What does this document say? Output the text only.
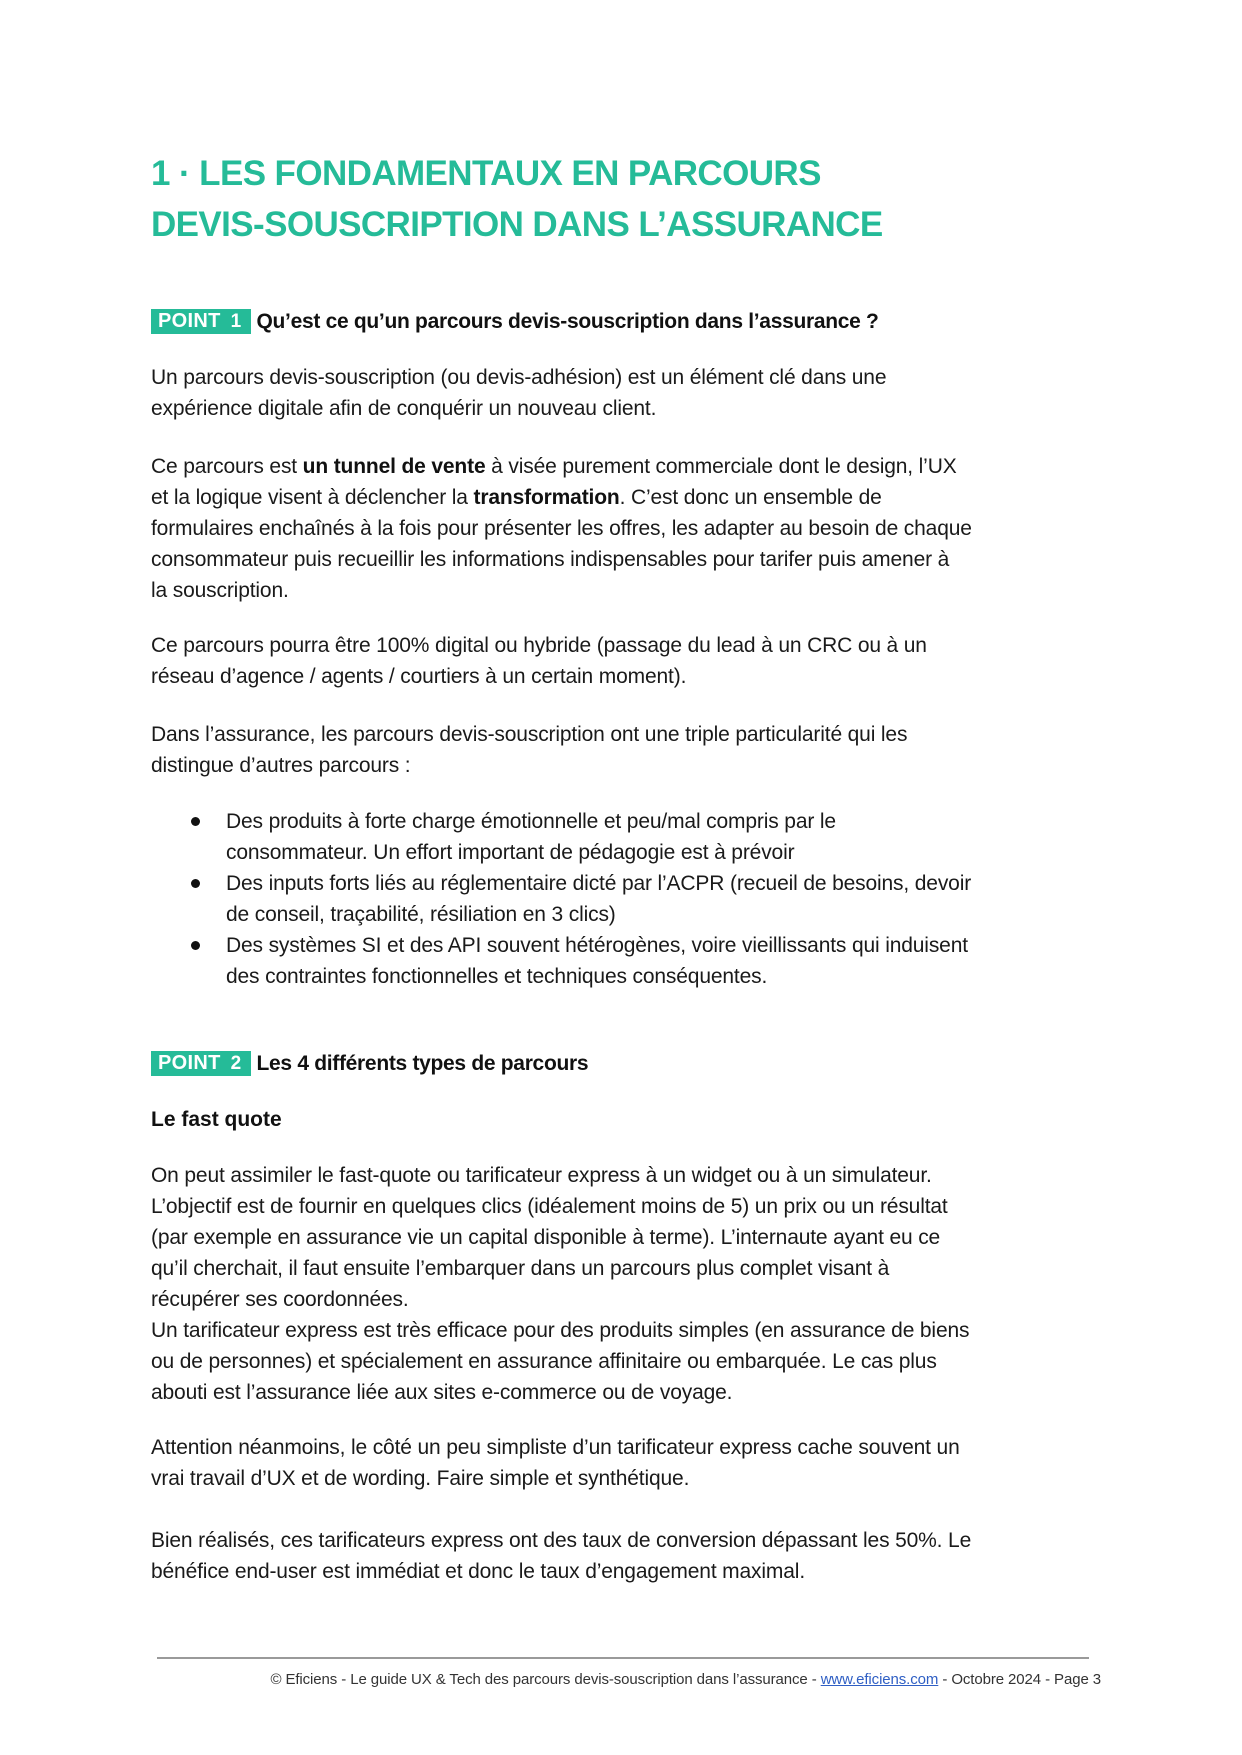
1 · LES FONDAMENTAUX EN PARCOURS
DEVIS-SOUSCRIPTION DANS L’ASSURANCE
POINT 1 Qu’est ce qu’un parcours devis-souscription dans l’assurance ?

Un parcours devis-souscription (ou devis-adhésion) est un élément clé dans une
expérience digitale afin de conquérir un nouveau client.

Ce parcours est un tunnel de vente à visée purement commerciale dont le design, l’UX
et la logique visent à déclencher la transformation. C’est donc un ensemble de
formulaires enchaînés à la fois pour présenter les offres, les adapter au besoin de chaque
consommateur puis recueillir les informations indispensables pour tarifer puis amener à
la souscription.

Ce parcours pourra être 100% digital ou hybride (passage du lead à un CRC ou à un
réseau d’agence / agents / courtiers à un certain moment).

Dans l’assurance, les parcours devis-souscription ont une triple particularité qui les
distingue d’autres parcours :

Des produits à forte charge émotionnelle et peu/mal compris par le
consommateur. Un effort important de pédagogie est à prévoir
Des inputs forts liés au réglementaire dicté par l’ACPR (recueil de besoins, devoir
de conseil, traçabilité, résiliation en 3 clics)
Des systèmes SI et des API souvent hétérogènes, voire vieillissants qui induisent
des contraintes fonctionnelles et techniques conséquentes.
POINT 2 Les 4 différents types de parcours
Le fast quote

On peut assimiler le fast-quote ou tarificateur express à un widget ou à un simulateur.
L’objectif est de fournir en quelques clics (idéalement moins de 5) un prix ou un résultat
(par exemple en assurance vie un capital disponible à terme). L’internaute ayant eu ce
qu’il cherchait, il faut ensuite l’embarquer dans un parcours plus complet visant à
récupérer ses coordonnées.
Un tarificateur express est très efficace pour des produits simples (en assurance de biens
ou de personnes) et spécialement en assurance affinitaire ou embarquée. Le cas plus
abouti est l’assurance liée aux sites e-commerce ou de voyage.

Attention néanmoins, le côté un peu simpliste d’un tarificateur express cache souvent un
vrai travail d’UX et de wording. Faire simple et synthétique.

Bien réalisés, ces tarificateurs express ont des taux de conversion dépassant les 50%. Le
bénéfice end-user est immédiat et donc le taux d’engagement maximal.

© Eficiens - Le guide UX & Tech des parcours devis-souscription dans l’assurance - www.eficiens.com - Octobre 2024 - Page 3
